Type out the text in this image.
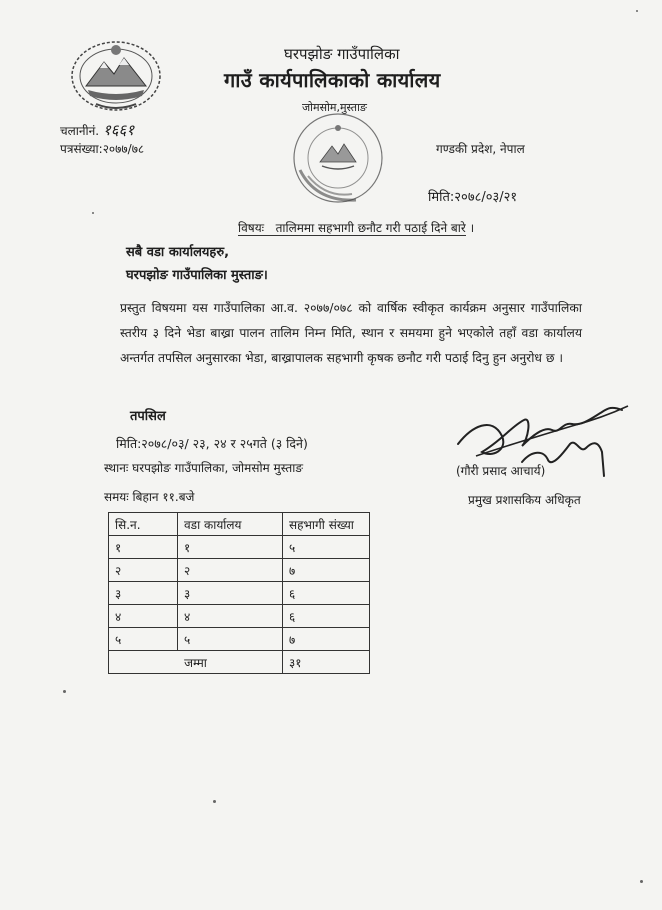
घरपझोङ गाउँपालिका
गाउँ कार्यपालिकाको कार्यालय
जोमसोम,मुस्ताङ
चलानीनं. १६६१
पत्रसंख्या:२०७७/७८	गण्डकी प्रदेश, नेपाल
मिति:२०७८/०३/२१
विषयः तालिममा सहभागी छनौट गरी पठाई दिने बारे ।
सबै वडा कार्यालयहरु,
घरपझोङ गाउँपालिका मुस्ताङ।

प्रस्तुत विषयमा यस गाउँपालिका आ.व. २०७७/०७८ को वार्षिक स्वीकृत कार्यक्रम अनुसार गाउँपालिका स्तरीय ३ दिने भेडा बाख्रा पालन तालिम निम्न मिति, स्थान र समयमा हुने भएकोले तहाँ वडा कार्यालय अन्तर्गत तपसिल अनुसारका भेडा, बाख्रापालक सहभागी कृषक छनौट गरी पठाई दिनु हुन अनुरोध छ ।

तपसिल
मिति:२०७८/०३/ २३, २४ र २५गते (३ दिने)
स्थानः घरपझोङ गाउँपालिका, जोमसोम मुस्ताङ
समयः बिहान ११.बजे
(गौरी प्रसाद आचार्य)
प्रमुख प्रशासकिय अधिकृत
सि.न.	वडा कार्यालय	सहभागी संख्या
१	१	५
२	२	७
३	३	६
४	४	६
५	५	७
जम्मा		३१
